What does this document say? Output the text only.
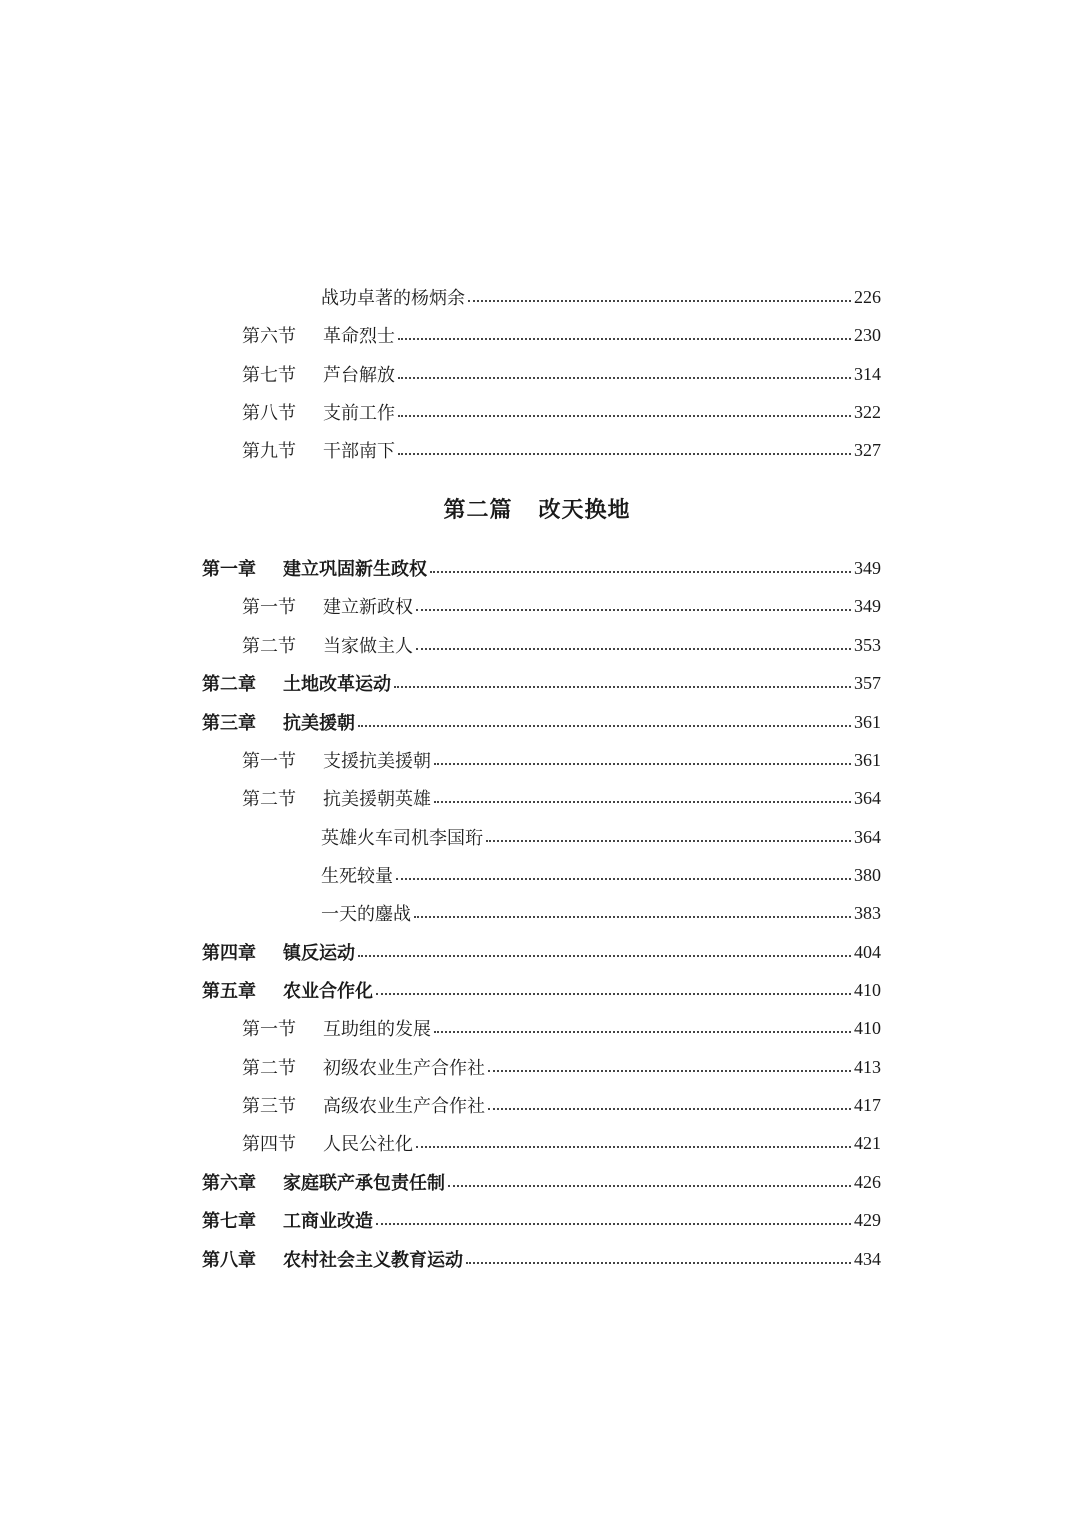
战功卓著的杨炳余	226
第六节	革命烈士	230
第七节	芦台解放	314
第八节	支前工作	322
第九节	干部南下	327
第二篇 改天换地
第一章	建立巩固新生政权	349
第一节	建立新政权	349
第二节	当家做主人	353
第二章	土地改革运动	357
第三章	抗美援朝	361
第一节	支援抗美援朝	361
第二节	抗美援朝英雄	364
英雄火车司机李国珩	364
生死较量	380
一天的鏖战	383
第四章	镇反运动	404
第五章	农业合作化	410
第一节	互助组的发展	410
第二节	初级农业生产合作社	413
第三节	高级农业生产合作社	417
第四节	人民公社化	421
第六章	家庭联产承包责任制	426
第七章	工商业改造	429
第八章	农村社会主义教育运动	434
